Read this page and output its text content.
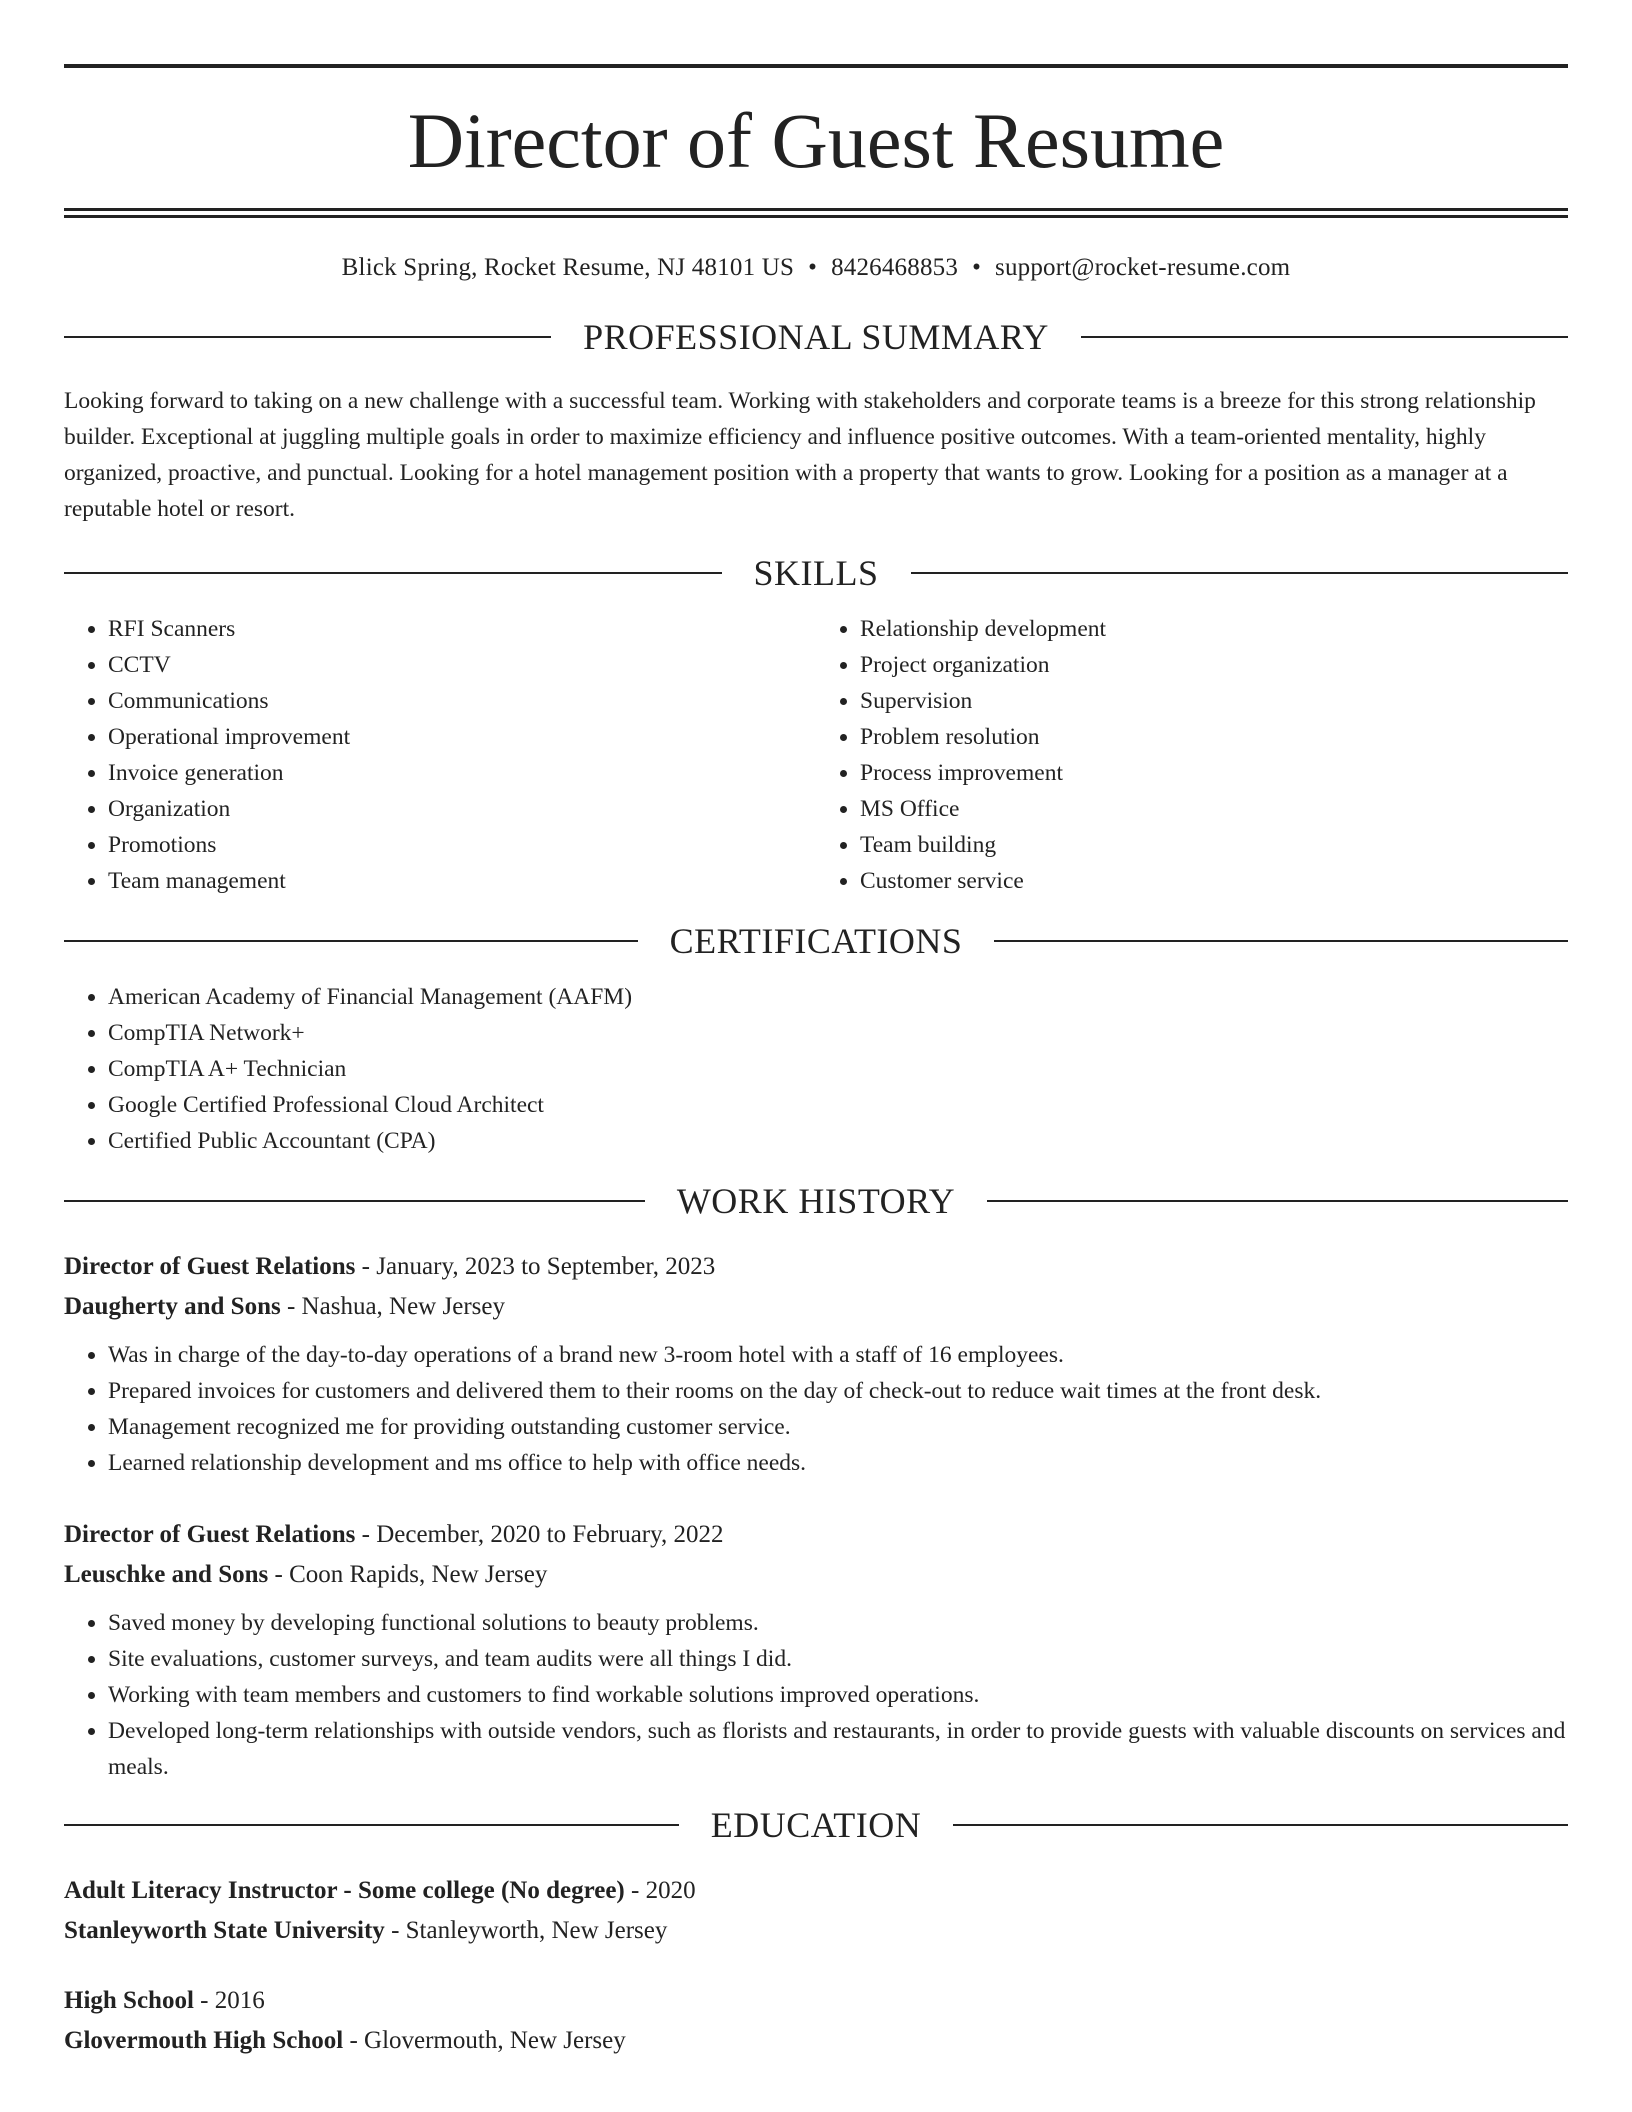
Director of Guest Resume
Blick Spring, Rocket Resume, NJ 48101 US • 8426468853 • support@rocket-resume.com
PROFESSIONAL SUMMARY

Looking forward to taking on a new challenge with a successful team. Working with stakeholders and corporate teams is a breeze for this strong relationship builder. Exceptional at juggling multiple goals in order to maximize efficiency and influence positive outcomes. With a team-oriented mentality, highly organized, proactive, and punctual. Looking for a hotel management position with a property that wants to grow. Looking for a position as a manager at a reputable hotel or resort.

SKILLS
• RFI Scanners
• CCTV
• Communications
• Operational improvement
• Invoice generation
• Organization
• Promotions
• Team management
• Relationship development
• Project organization
• Supervision
• Problem resolution
• Process improvement
• MS Office
• Team building
• Customer service
CERTIFICATIONS
• American Academy of Financial Management (AAFM)
• CompTIA Network+
• CompTIA A+ Technician
• Google Certified Professional Cloud Architect
• Certified Public Accountant (CPA)
WORK HISTORY
Director of Guest Relations - January, 2023 to September, 2023
Daugherty and Sons - Nashua, New Jersey
• Was in charge of the day-to-day operations of a brand new 3-room hotel with a staff of 16 employees.
• Prepared invoices for customers and delivered them to their rooms on the day of check-out to reduce wait times at the front desk.
• Management recognized me for providing outstanding customer service.
• Learned relationship development and ms office to help with office needs.
Director of Guest Relations - December, 2020 to February, 2022
Leuschke and Sons - Coon Rapids, New Jersey
• Saved money by developing functional solutions to beauty problems.
• Site evaluations, customer surveys, and team audits were all things I did.
• Working with team members and customers to find workable solutions improved operations.
• Developed long-term relationships with outside vendors, such as florists and restaurants, in order to provide guests with valuable discounts on services and meals.
EDUCATION
Adult Literacy Instructor - Some college (No degree) - 2020
Stanleyworth State University - Stanleyworth, New Jersey
High School - 2016
Glovermouth High School - Glovermouth, New Jersey
